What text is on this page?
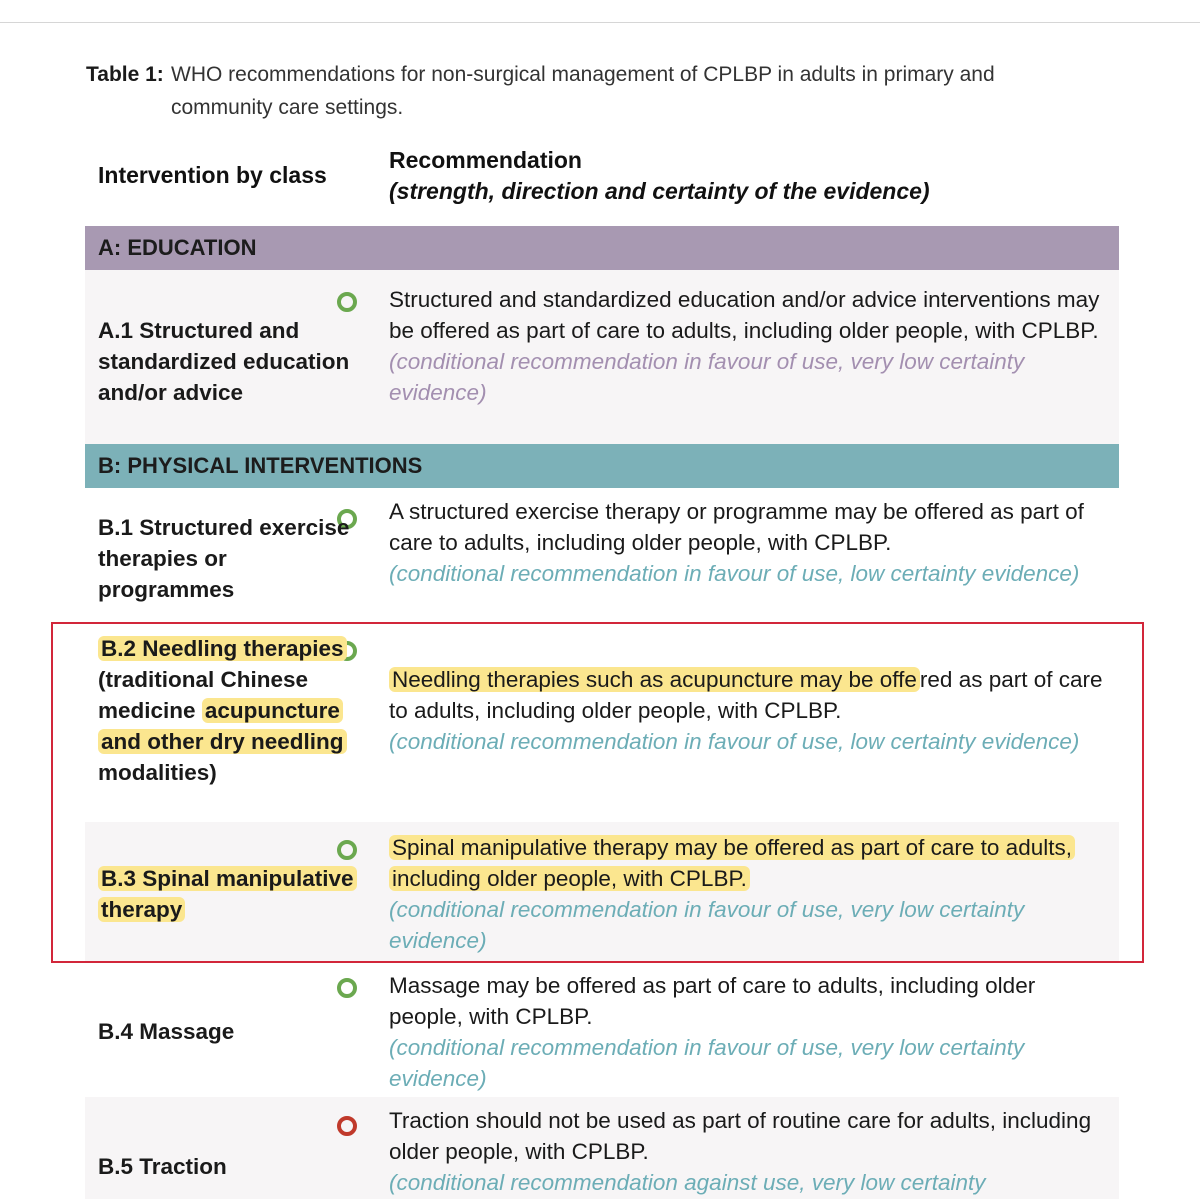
Table 1: WHO recommendations for non-surgical management of CPLBP in adults in primary and community care settings.
Intervention by class
Recommendation
(strength, direction and certainty of the evidence)
A: EDUCATION
A.1 Structured and standardized education and/or advice
Structured and standardized education and/or advice interventions may be offered as part of care to adults, including older people, with CPLBP.
(conditional recommendation in favour of use, very low certainty evidence)
B: PHYSICAL INTERVENTIONS
B.1 Structured exercise therapies or programmes
A structured exercise therapy or programme may be offered as part of care to adults, including older people, with CPLBP.
(conditional recommendation in favour of use, low certainty evidence)
B.2 Needling therapies (traditional Chinese medicine acupuncture and other dry needling modalities)
Needling therapies such as acupuncture may be offe red as part of care to adults, including older people, with CPLBP.
(conditional recommendation in favour of use, low certainty evidence)
B.3 Spinal manipulative therapy
Spinal manipulative therapy may be offered as part of care to adults, including older people, with CPLBP.
(conditional recommendation in favour of use, very low certainty evidence)
B.4 Massage
Massage may be offered as part of care to adults, including older people, with CPLBP.
(conditional recommendation in favour of use, very low certainty evidence)
B.5 Traction
Traction should not be used as part of routine care for adults, including older people, with CPLBP.
(conditional recommendation against use, very low certainty
